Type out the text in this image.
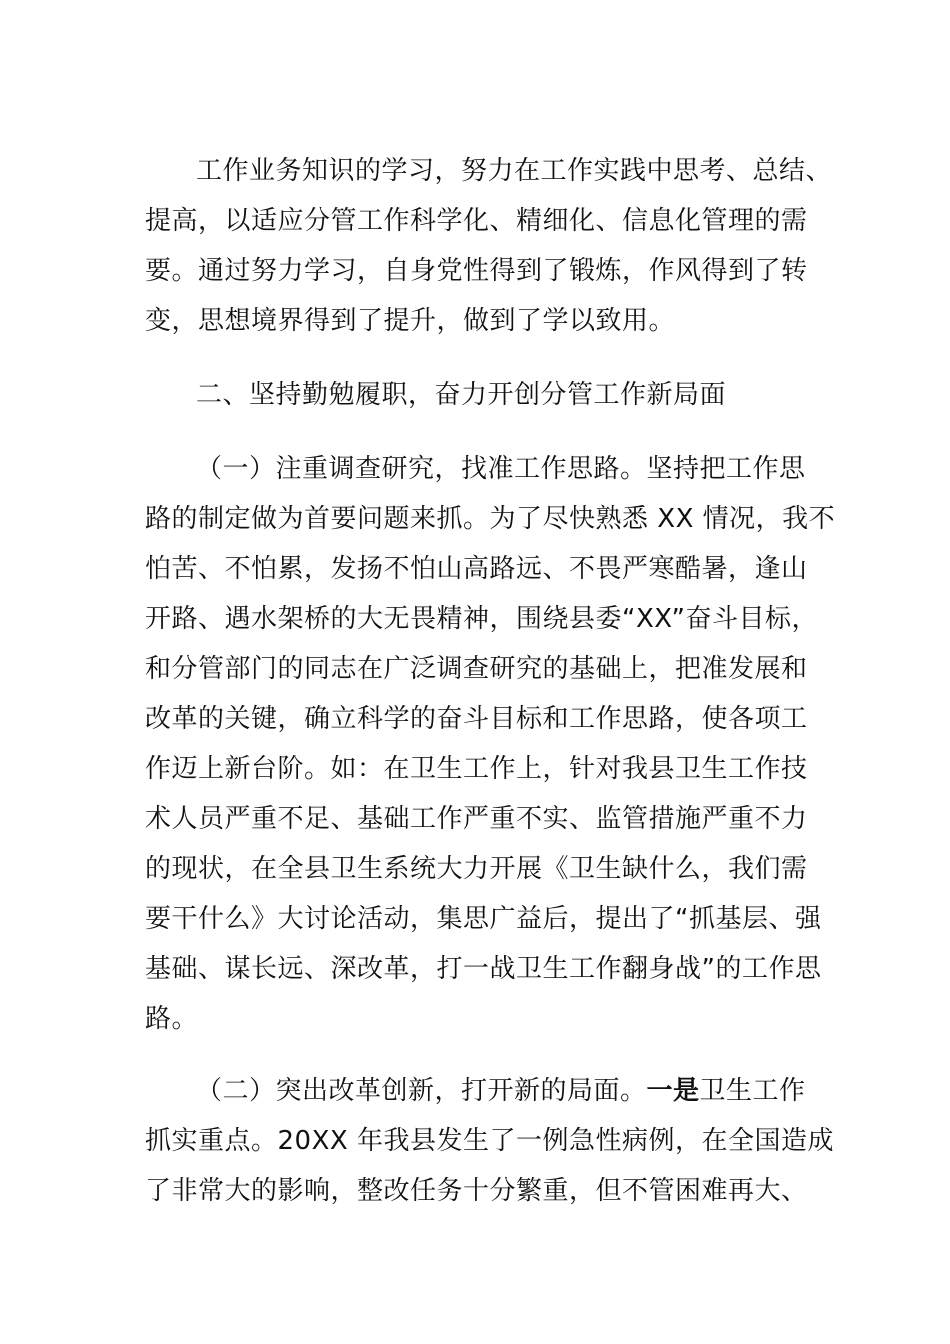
工作业务知识的学习，努力在工作实践中思考、总结、
提高，以适应分管工作科学化、精细化、信息化管理的需
要。通过努力学习，自身党性得到了锻炼，作风得到了转
变，思想境界得到了提升，做到了学以致用。
二、坚持勤勉履职，奋力开创分管工作新局面
（一）注重调查研究，找准工作思路。坚持把工作思
路的制定做为首要问题来抓。为了尽快熟悉 XX 情况，我不
怕苦、不怕累，发扬不怕山高路远、不畏严寒酷暑，逢山
开路、遇水架桥的大无畏精神，围绕县委“XX”奋斗目标，
和分管部门的同志在广泛调查研究的基础上，把准发展和
改革的关键，确立科学的奋斗目标和工作思路，使各项工
作迈上新台阶。如：在卫生工作上，针对我县卫生工作技
术人员严重不足、基础工作严重不实、监管措施严重不力
的现状，在全县卫生系统大力开展《卫生缺什么，我们需
要干什么》大讨论活动，集思广益后，提出了“抓基层、强
基础、谋长远、深改革，打一战卫生工作翻身战”的工作思
路。
（二）突出改革创新，打开新的局面。一是卫生工作
抓实重点。20XX 年我县发生了一例急性病例，在全国造成
了非常大的影响，整改任务十分繁重，但不管困难再大、
